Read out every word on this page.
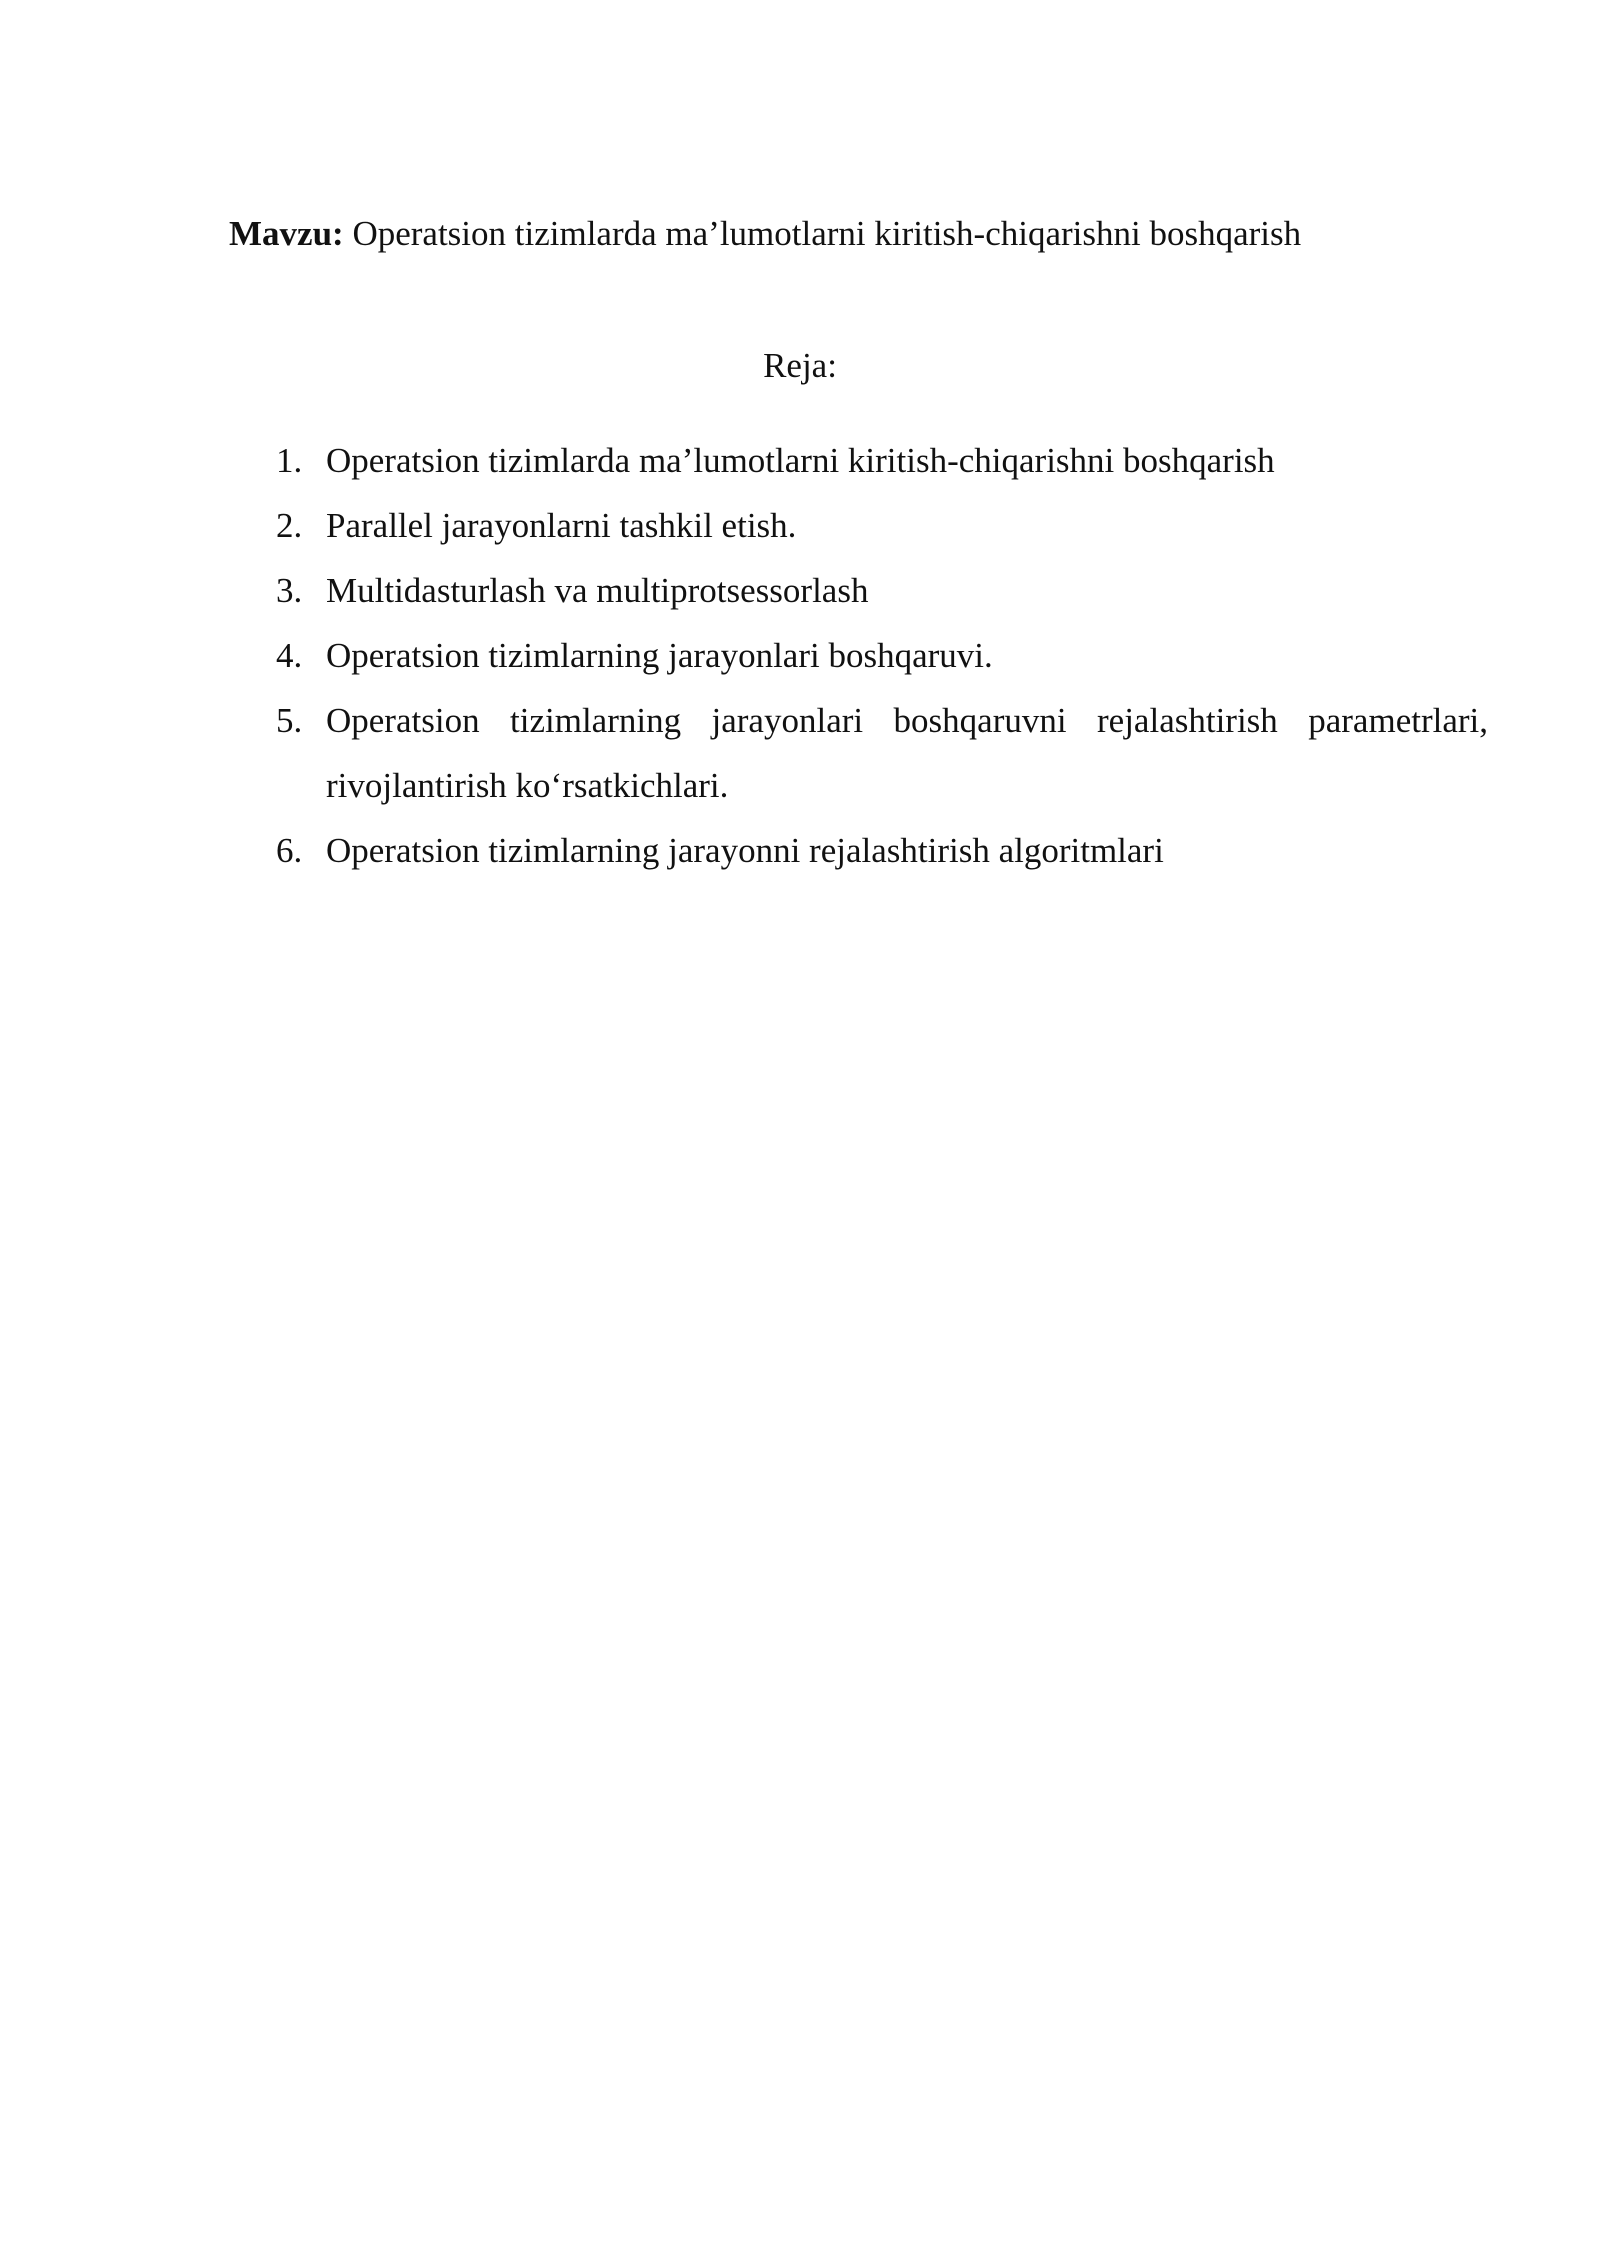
Mavzu: Operatsion tizimlarda ma’lumotlarni kiritish-chiqarishni boshqarish
Reja:
1. Operatsion tizimlarda ma’lumotlarni kiritish-chiqarishni boshqarish
2. Parallel jarayonlarni tashkil etish.
3. Multidasturlash va multiprotsessorlash
4. Operatsion tizimlarning jarayonlari boshqaruvi.
5. Operatsion tizimlarning jarayonlari boshqaruvni rejalashtirish parametrlari, rivojlantirish ko‘rsatkichlari.
6. Operatsion tizimlarning jarayonni rejalashtirish algoritmlari
